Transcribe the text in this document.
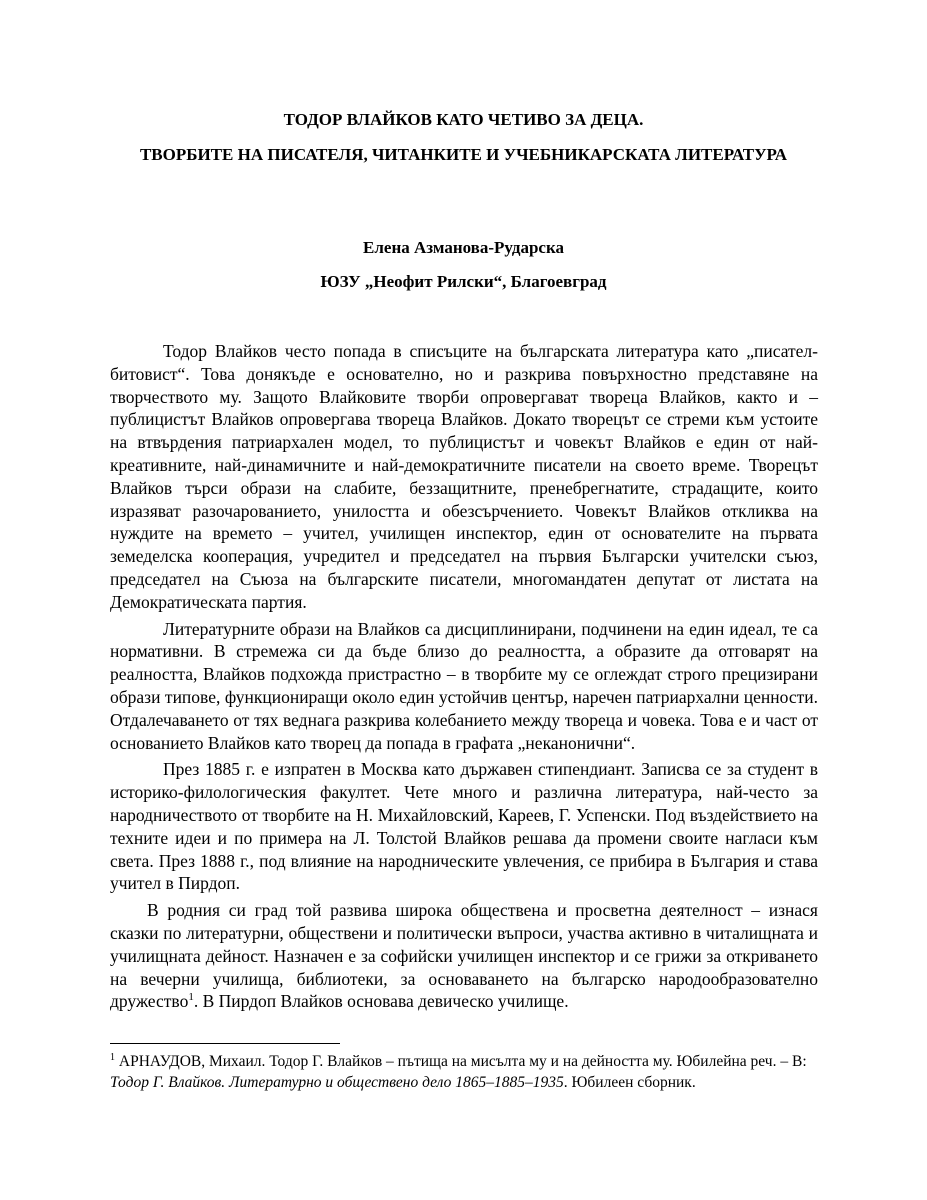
ТОДОР ВЛАЙКОВ КАТО ЧЕТИВО ЗА ДЕЦА.
ТВОРБИТЕ НА ПИСАТЕЛЯ, ЧИТАНКИТЕ И УЧЕБНИКАРСКАТА ЛИТЕРАТУРА
Елена Азманова-Рударска
ЮЗУ „Неофит Рилски“, Благоевград

Тодор Влайков често попада в списъците на българската литература като „писател-битовист“. Това донякъде е основателно, но и разкрива повърхностно представяне на творчеството му. Защото Влайковите творби опровергават твореца Влайков, както и – публицистът Влайков опровергава твореца Влайков. Докато творецът се стреми към устоите на втвърдения патриархален модел, то публицистът и човекът Влайков е един от най-креативните, най-динамичните и най-демократичните писатели на своето време. Творецът Влайков търси образи на слабите, беззащитните, пренебрегнатите, страдащите, които изразяват разочарованието, унилостта и обезсърчението. Човекът Влайков откликва на нуждите на времето – учител, училищен инспектор, един от основателите на първата земеделска кооперация, учредител и председател на първия Български учителски съюз, председател на Съюза на българските писатели, многомандатен депутат от листата на Демократическата партия.

Литературните образи на Влайков са дисциплинирани, подчинени на един идеал, те са нормативни. В стремежа си да бъде близо до реалността, а образите да отговарят на реалността, Влайков подхожда пристрастно – в творбите му се оглеждат строго прецизирани образи типове, функциониращи около един устойчив център, наречен патриархални ценности. Отдалечаването от тях веднага разкрива колебанието между твореца и човека. Това е и част от основанието Влайков като творец да попада в графата „неканонични“.

През 1885 г. е изпратен в Москва като държавен стипендиант. Записва се за студент в историко-филологическия факултет. Чете много и различна литература, най-често за народничеството от творбите на Н. Михайловский, Кареев, Г. Успенски. Под въздействието на техните идеи и по примера на Л. Толстой Влайков решава да промени своите нагласи към света. През 1888 г., под влияние на народническите увлечения, се прибира в България и става учител в Пирдоп.

В родния си град той развива широка обществена и просветна деятелност – изнася сказки по литературни, обществени и политически въпроси, участва активно в читалищната и училищната дейност. Назначен е за софийски училищен инспектор и се грижи за откриването на вечерни училища, библиотеки, за основаването на българско народообразователно дружество$^1$. В Пирдоп Влайков основава девическо училище.

$^1$ АРНАУДОВ, Михаил. Тодор Г. Влайков – пътища на мисълта му и на дейността му. Юбилейна реч. – В: Тодор Г. Влайков. Литературно и обществено дело 1865–1885–1935. Юбилеен сборник.
